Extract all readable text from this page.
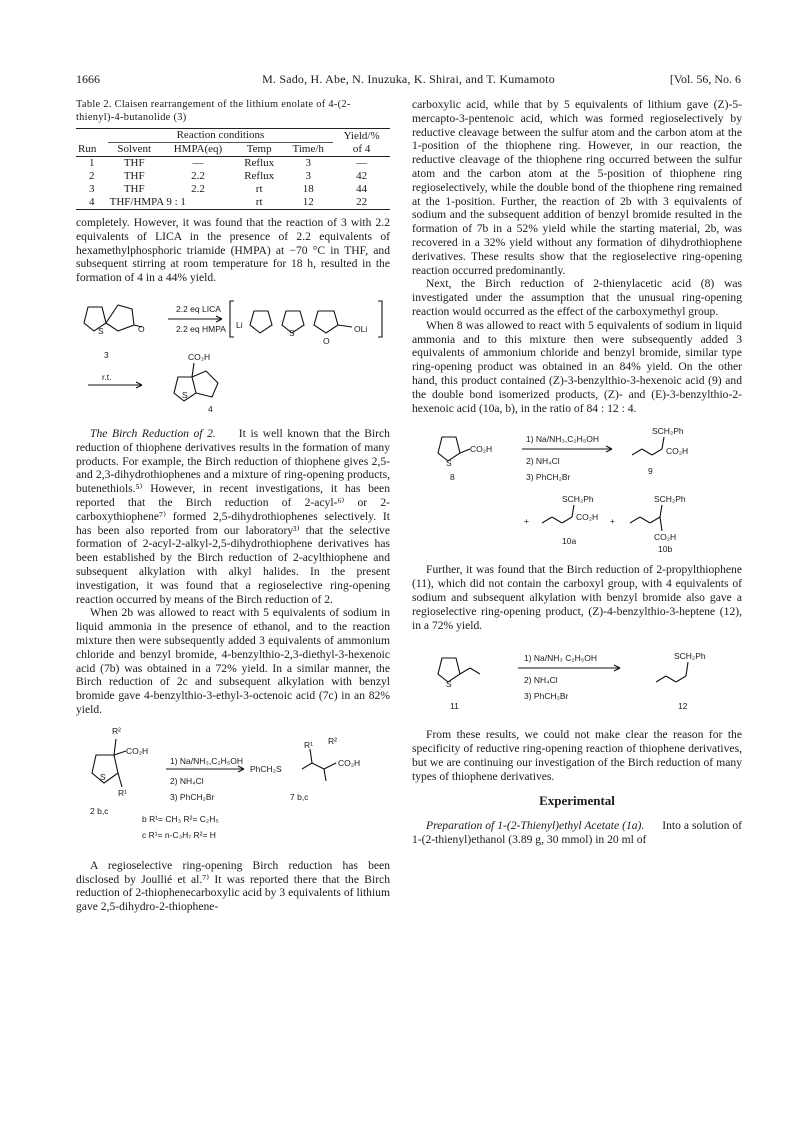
1666	M. Sado, H. Abe, N. Inuzuka, K. Shirai, and T. Kumamoto	[Vol. 56, No. 6
Table 2. Claisen rearrangement of the lithium enolate of 4-(2-thienyl)-4-butanolide (3)
Run	Reaction conditions				Yield/%
	Solvent	HMPA(eq)	Temp	Time/h	of 4
1	THF	—	Reflux	3	—
2	THF	2.2	Reflux	3	42
3	THF	2.2	rt	18	44
4	THF/HMPA 9 : 1		rt	12	22

completely. However, it was found that the reaction of 3 with 2.2 equivalents of LICA in the presence of 2.2 equivalents of hexamethylphosphoric triamide (HMPA) at −70 °C in THF, and subsequent stirring at room temperature for 18 h, resulted in the formation of 4 in a 44% yield.

S	O
3
2.2 eq LICA
2.2 eq HMPA Li
S
O
OLi
r.t.
CO₂H
S
4

The Birch Reduction of 2. It is well known that the Birch reduction of thiophene derivatives results in the formation of many products. For example, the Birch reduction of thiophene gives 2,5- and 2,3-dihydrothiophenes and a mixture of ring-opening products, butenethiols.⁵⁾ However, in recent investigations, it has been reported that the Birch reduction of 2-acyl-⁶⁾ or 2-carboxythiophene⁷⁾ formed 2,5-dihydrothiophenes selectively. It has been also reported from our laboratory³⁾ that the selective formation of 2-acyl-2-alkyl-2,5-dihydrothiophene derivatives has been established by the Birch reduction of 2-acylthiophene and subsequent alkylation with alkyl halides. In the present investigation, it was found that a regioselective ring-opening reaction occurred by means of the Birch reduction of 2.

When 2b was allowed to react with 5 equivalents of sodium in liquid ammonia in the presence of ethanol, and to the reaction mixture then were subsequently added 3 equivalents of ammonium chloride and benzyl bromide, 4-benzylthio-2,3-diethyl-3-hexenoic acid (7b) was obtained in a 72% yield. In a similar manner, the Birch reduction of 2c and subsequent alkylation with benzyl bromide gave 4-benzylthio-3-ethyl-3-octenoic acid (7c) in an 82% yield.

R²
CO₂H
S
R¹
2 b,c
1) Na/NH₃,C₂H₅OH
2) NH₄Cl
3) PhCH₂Br
PhCH₂S
R¹ R²
CO₂H
7 b,c
b R¹= CH₃ R²= C₂H₅
c R¹= n-C₃H₇ R²= H

A regioselective ring-opening Birch reduction has been disclosed by Joullié et al.⁷⁾ It was reported there that the Birch reduction of 2-thiophenecarboxylic acid by 3 equivalents of lithium gave 2,5-dihydro-2-thiophene-

carboxylic acid, while that by 5 equivalents of lithium gave (Z)-5-mercapto-3-pentenoic acid, which was formed regioselectively by reductive cleavage between the sulfur atom and the carbon atom at the 1-position of the thiophene ring. However, in our reaction, the reductive cleavage of the thiophene ring occurred between the sulfur atom and the carbon atom at the 5-position of thiophene ring regioselectively, while the double bond of the thiophene ring remained at the 1-position. Further, the reaction of 2b with 3 equivalents of sodium and the subsequent addition of benzyl bromide resulted in the formation of 7b in a 52% yield while the starting material, 2b, was recovered in a 32% yield without any formation of dihydrothiophene derivatives. These results show that the regioselective ring-opening reaction occurred predominantly.

Next, the Birch reduction of 2-thienylacetic acid (8) was investigated under the assumption that the unusual ring-opening reaction would occurred as the effect of the carboxymethyl group.

When 8 was allowed to react with 5 equivalents of sodium in liquid ammonia and to this mixture then were subsequently added 3 equivalents of ammonium chloride and benzyl bromide, similar type ring-opening product was obtained in an 84% yield. On the other hand, this product contained (Z)-3-benzylthio-3-hexenoic acid (9) and the double bond isomerized products, (Z)- and (E)-3-benzylthio-2-hexenoic acid (10a, b), in the ratio of 84 : 12 : 4.

S
CO₂H
8
1) Na/NH₃,C₂H₅OH
2) NH₄Cl
3) PhCH₂Br
SCH₂Ph
CO₂H
9
+
SCH₂Ph
CO₂H +
SCH₂Ph
CO₂H
10a
10b

Further, it was found that the Birch reduction of 2-propylthiophene (11), which did not contain the carboxyl group, with 4 equivalents of sodium and subsequent alkylation with benzyl bromide also gave a regioselective ring-opening product, (Z)-4-benzylthio-3-heptene (12), in a 72% yield.

S
11
1) Na/NH₃ C₂H₅OH
2) NH₄Cl
3) PhCH₂Br
SCH₂Ph
12

From these results, we could not make clear the reason for the specificity of reductive ring-opening reaction of thiophene derivatives, but we are continuing our investigation of the Birch reduction of many types of thiophene derivatives.

Experimental

Preparation of 1-(2-Thienyl)ethyl Acetate (1a). Into a solution of 1-(2-thienyl)ethanol (3.89 g, 30 mmol) in 20 ml of
